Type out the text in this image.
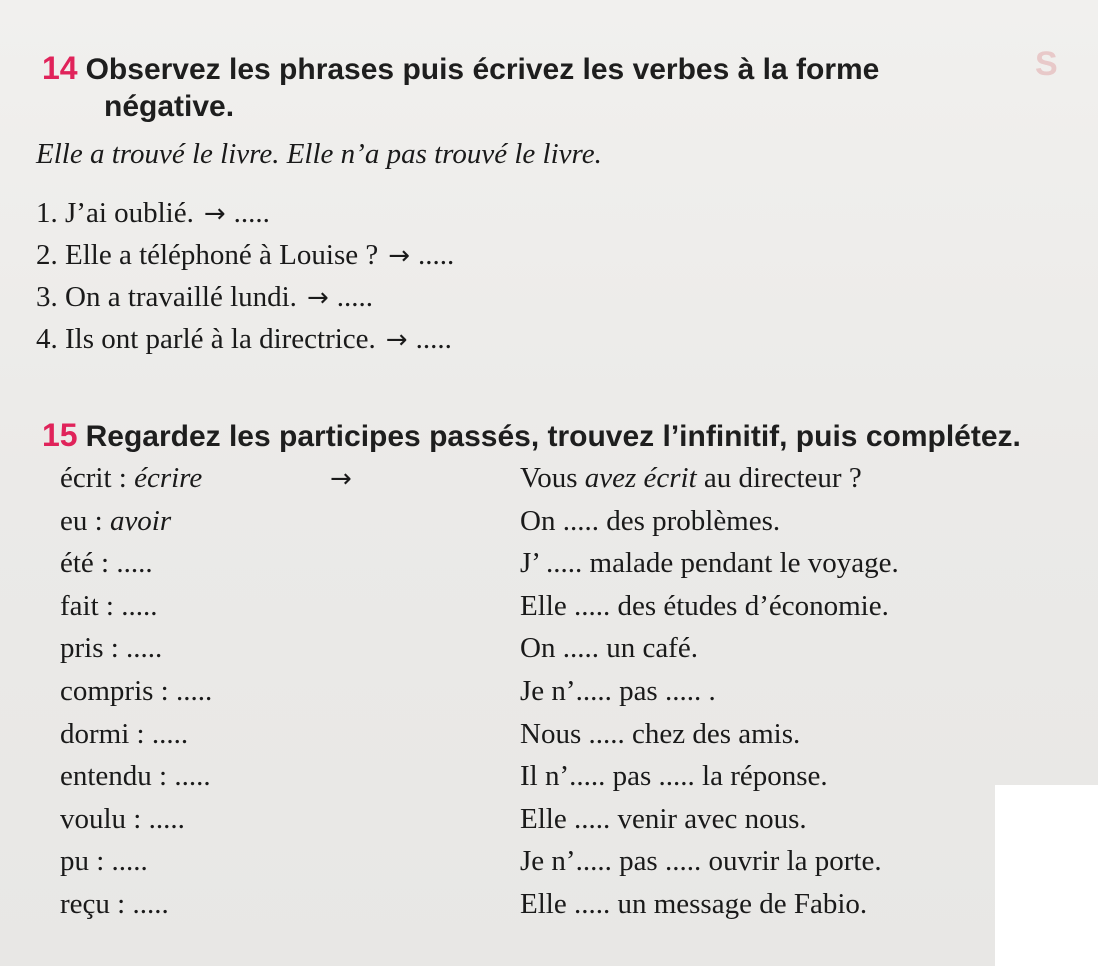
S

14 Observez les phrases puis écrivez les verbes à la forme
négative.
Elle a trouvé le livre. Elle n’a pas trouvé le livre.
1. J’ai oublié. → .....
2. Elle a téléphoné à Louise ? → .....
3. On a travaillé lundi. → .....
4. Ils ont parlé à la directrice. → .....
15 Regardez les participes passés, trouvez l’infinitif, puis complétez.
écrit : écrire	→	Vous avez écrit au directeur ?
eu : avoir	On ..... des problèmes.
été : .....	J’ ..... malade pendant le voyage.
fait : .....	Elle ..... des études d’économie.
pris : .....	On ..... un café.
compris : .....	Je n’..... pas ..... .
dormi : .....	Nous ..... chez des amis.
entendu : .....	Il n’..... pas ..... la réponse.
voulu : .....	Elle ..... venir avec nous.
pu : .....	Je n’..... pas ..... ouvrir la porte.
reçu : .....	Elle ..... un message de Fabio.
